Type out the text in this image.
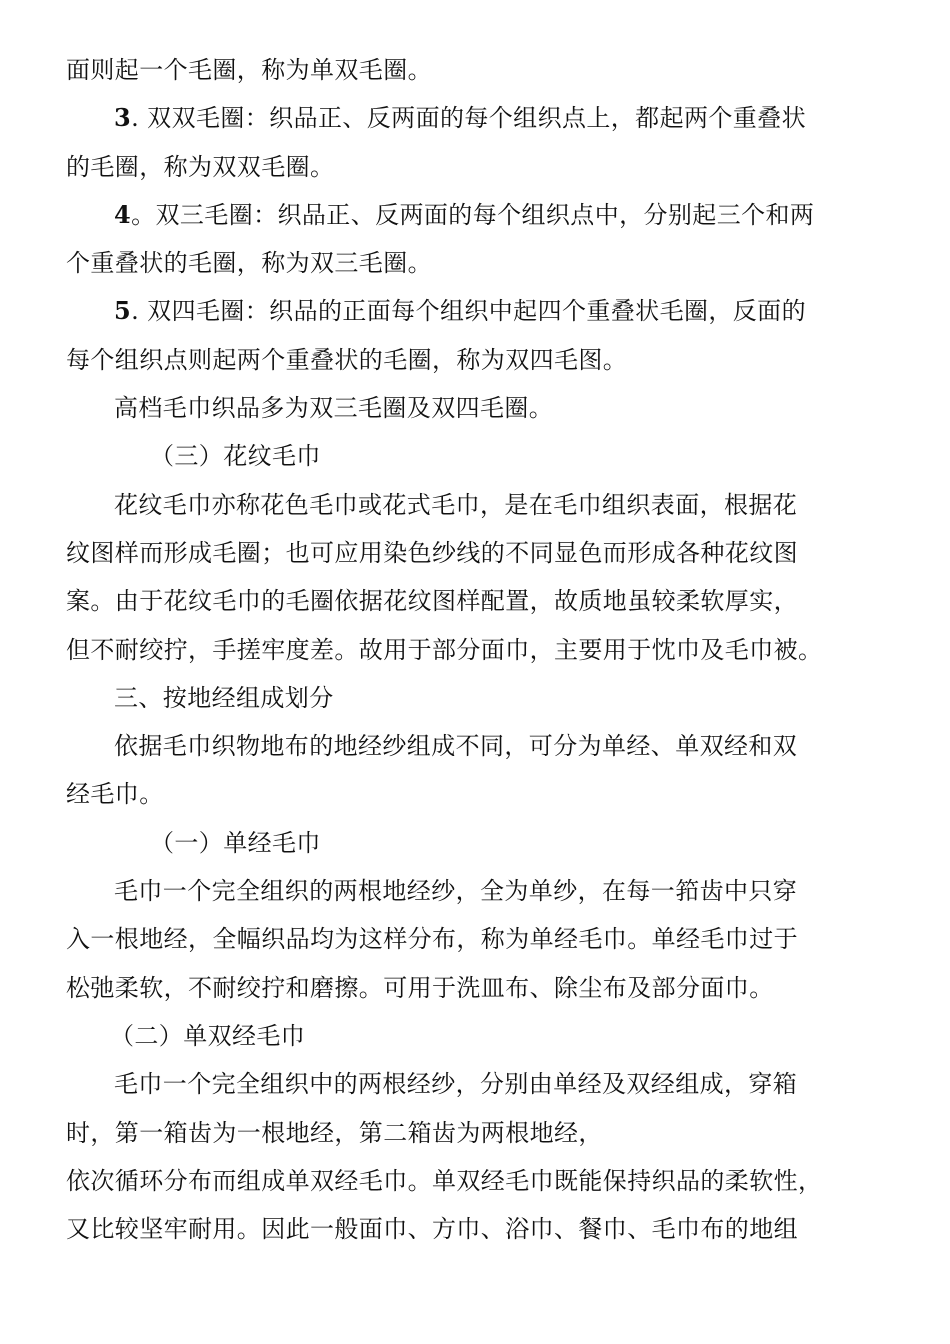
面则起一个毛圈，称为单双毛圈。
3. 双双毛圈：织品正、反两面的每个组织点上，都起两个重叠状
的毛圈，称为双双毛圈。
4。双三毛圈：织品正、反两面的每个组织点中，分别起三个和两
个重叠状的毛圈，称为双三毛圈。
5. 双四毛圈：织品的正面每个组织中起四个重叠状毛圈，反面的
每个组织点则起两个重叠状的毛圈，称为双四毛图。
高档毛巾织品多为双三毛圈及双四毛圈。
（三）花纹毛巾
花纹毛巾亦称花色毛巾或花式毛巾，是在毛巾组织表面，根据花
纹图样而形成毛圈；也可应用染色纱线的不同显色而形成各种花纹图
案。由于花纹毛巾的毛圈依据花纹图样配置，故质地虽较柔软厚实，
但不耐绞拧，手搓牢度差。故用于部分面巾，主要用于忱巾及毛巾被。
三、按地经组成划分
依据毛巾织物地布的地经纱组成不同，可分为单经、单双经和双
经毛巾。
（一）单经毛巾
毛巾一个完全组织的两根地经纱，全为单纱，在每一筘齿中只穿
入一根地经，全幅织品均为这样分布，称为单经毛巾。单经毛巾过于
松弛柔软，不耐绞拧和磨擦。可用于洗皿布、除尘布及部分面巾。
（二）单双经毛巾
毛巾一个完全组织中的两根经纱，分别由单经及双经组成，穿箱
时，第一箱齿为一根地经，第二箱齿为两根地经，
依次循环分布而组成单双经毛巾。单双经毛巾既能保持织品的柔软性，
又比较坚牢耐用。因此一般面巾、方巾、浴巾、餐巾、毛巾布的地组
